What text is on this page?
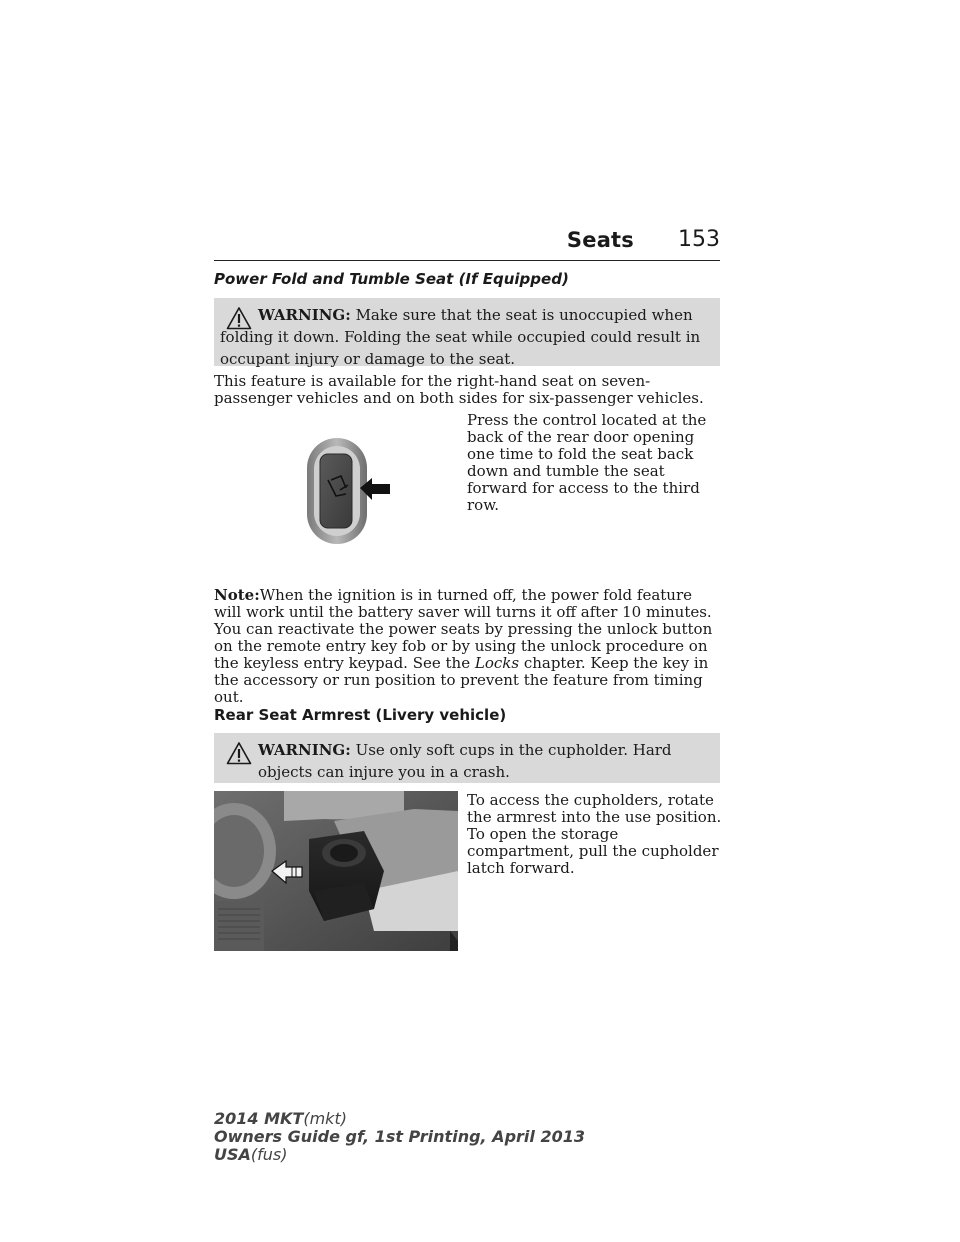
Seats 153
Power Fold and Tumble Seat (If Equipped)

WARNING: Make sure that the seat is unoccupied when folding it down. Folding the seat while occupied could result in occupant injury or damage to the seat.

This feature is available for the right-hand seat on seven-passenger vehicles and on both sides for six-passenger vehicles.

Press the control located at the back of the rear door opening one time to fold the seat back down and tumble the seat forward for access to the third row.

Note:When the ignition is in turned off, the power fold feature will work until the battery saver will turns it off after 10 minutes. You can reactivate the power seats by pressing the unlock button on the remote entry key fob or by using the unlock procedure on the keyless entry keypad. See the Locks chapter. Keep the key in the accessory or run position to prevent the feature from timing out.

Rear Seat Armrest (Livery vehicle)

WARNING: Use only soft cups in the cupholder. Hard objects can injure you in a crash.

To access the cupholders, rotate the armrest into the use position. To open the storage compartment, pull the cupholder latch forward.

2014 MKT(mkt)
Owners Guide gf, 1st Printing, April 2013
USA(fus)
